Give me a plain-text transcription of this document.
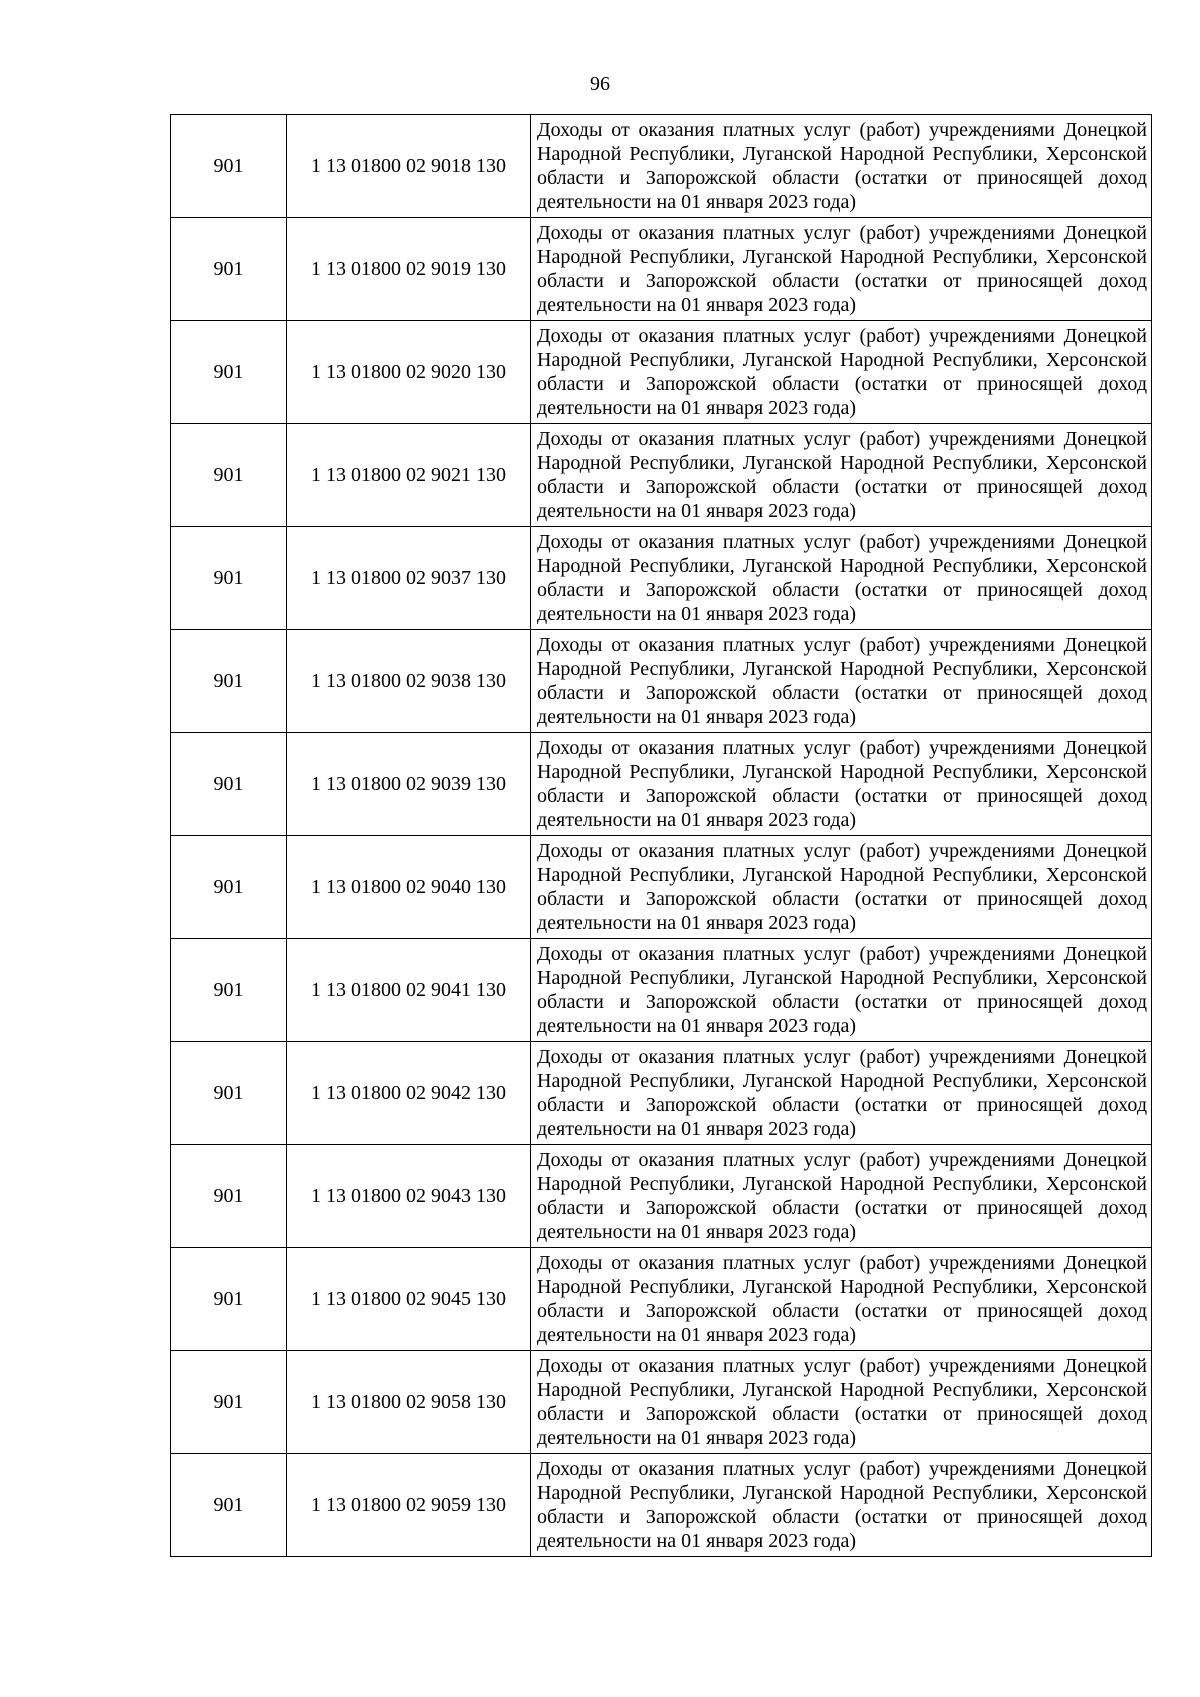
96
901	1 13 01800 02 9018 130	Доходы от оказания платных услуг (работ) учреждениями Донецкой Народной Республики, Луганской Народной Республики, Херсонской области и Запорожской области (остатки от приносящей доход деятельности на 01 января 2023 года)

901	1 13 01800 02 9019 130	Доходы от оказания платных услуг (работ) учреждениями Донецкой Народной Республики, Луганской Народной Республики, Херсонской области и Запорожской области (остатки от приносящей доход деятельности на 01 января 2023 года)

901	1 13 01800 02 9020 130	Доходы от оказания платных услуг (работ) учреждениями Донецкой Народной Республики, Луганской Народной Республики, Херсонской области и Запорожской области (остатки от приносящей доход деятельности на 01 января 2023 года)

901	1 13 01800 02 9021 130	Доходы от оказания платных услуг (работ) учреждениями Донецкой Народной Республики, Луганской Народной Республики, Херсонской области и Запорожской области (остатки от приносящей доход деятельности на 01 января 2023 года)

901	1 13 01800 02 9037 130	Доходы от оказания платных услуг (работ) учреждениями Донецкой Народной Республики, Луганской Народной Республики, Херсонской области и Запорожской области (остатки от приносящей доход деятельности на 01 января 2023 года)

901	1 13 01800 02 9038 130	Доходы от оказания платных услуг (работ) учреждениями Донецкой Народной Республики, Луганской Народной Республики, Херсонской области и Запорожской области (остатки от приносящей доход деятельности на 01 января 2023 года)

901	1 13 01800 02 9039 130	Доходы от оказания платных услуг (работ) учреждениями Донецкой Народной Республики, Луганской Народной Республики, Херсонской области и Запорожской области (остатки от приносящей доход деятельности на 01 января 2023 года)

901	1 13 01800 02 9040 130	Доходы от оказания платных услуг (работ) учреждениями Донецкой Народной Республики, Луганской Народной Республики, Херсонской области и Запорожской области (остатки от приносящей доход деятельности на 01 января 2023 года)

901	1 13 01800 02 9041 130	Доходы от оказания платных услуг (работ) учреждениями Донецкой Народной Республики, Луганской Народной Республики, Херсонской области и Запорожской области (остатки от приносящей доход деятельности на 01 января 2023 года)

901	1 13 01800 02 9042 130	Доходы от оказания платных услуг (работ) учреждениями Донецкой Народной Республики, Луганской Народной Республики, Херсонской области и Запорожской области (остатки от приносящей доход деятельности на 01 января 2023 года)

901	1 13 01800 02 9043 130	Доходы от оказания платных услуг (работ) учреждениями Донецкой Народной Республики, Луганской Народной Республики, Херсонской области и Запорожской области (остатки от приносящей доход деятельности на 01 января 2023 года)

901	1 13 01800 02 9045 130	Доходы от оказания платных услуг (работ) учреждениями Донецкой Народной Республики, Луганской Народной Республики, Херсонской области и Запорожской области (остатки от приносящей доход деятельности на 01 января 2023 года)

901	1 13 01800 02 9058 130	Доходы от оказания платных услуг (работ) учреждениями Донецкой Народной Республики, Луганской Народной Республики, Херсонской области и Запорожской области (остатки от приносящей доход деятельности на 01 января 2023 года)

901	1 13 01800 02 9059 130	Доходы от оказания платных услуг (работ) учреждениями Донецкой Народной Республики, Луганской Народной Республики, Херсонской области и Запорожской области (остатки от приносящей доход деятельности на 01 января 2023 года)
